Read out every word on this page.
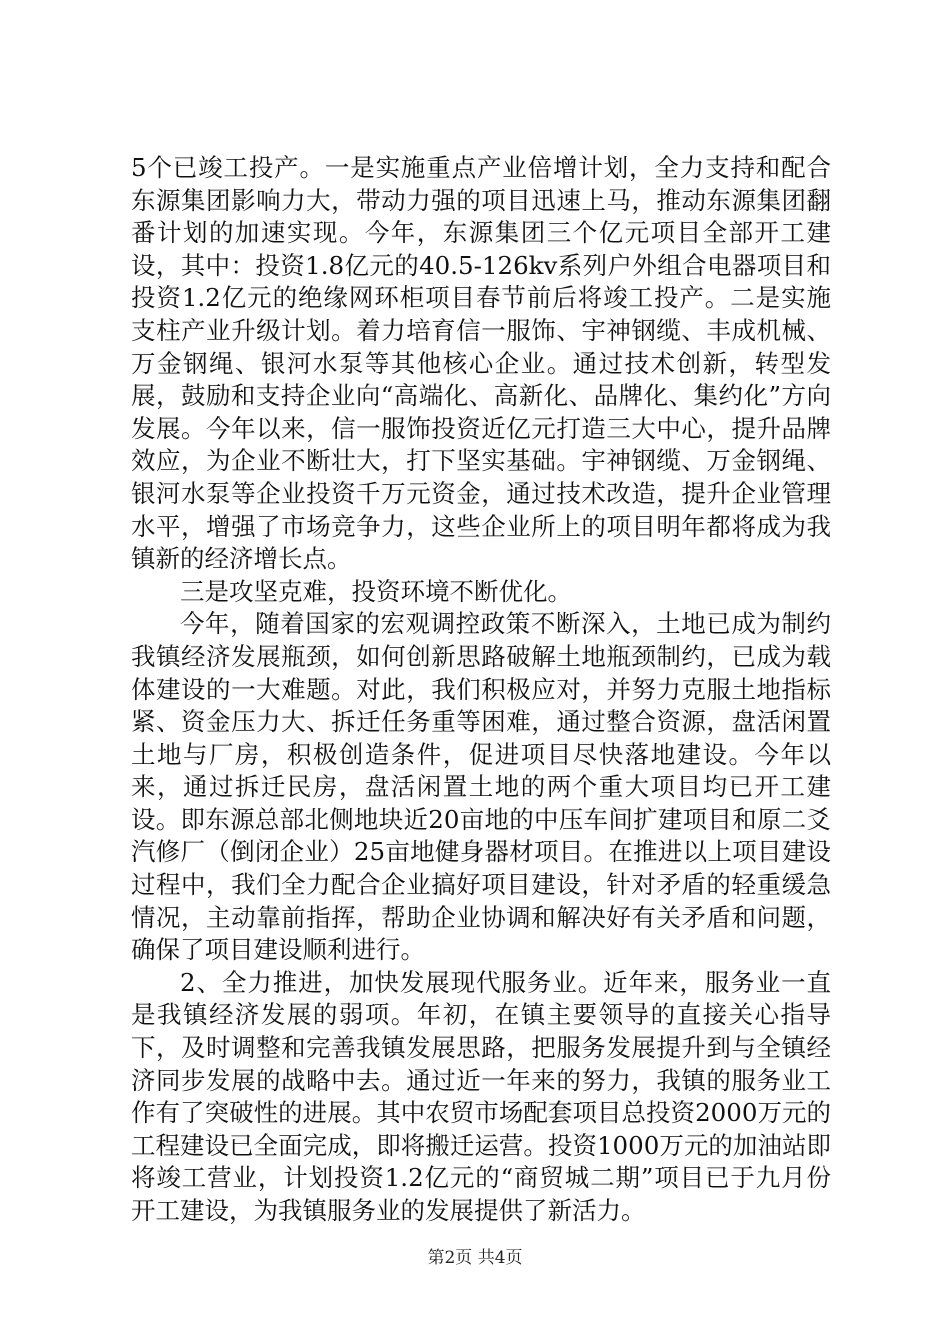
5个已竣工投产。一是实施重点产业倍增计划，全力支持和配合东源集团影响力大，带动力强的项目迅速上马，推动东源集团翻番计划的加速实现。今年，东源集团三个亿元项目全部开工建设，其中：投资1.8亿元的40.5-126kv系列户外组合电器项目和投资1.2亿元的绝缘网环柜项目春节前后将竣工投产。二是实施支柱产业升级计划。着力培育信一服饰、宇神钢缆、丰成机械、万金钢绳、银河水泵等其他核心企业。通过技术创新，转型发展，鼓励和支持企业向“高端化、高新化、品牌化、集约化”方向发展。今年以来，信一服饰投资近亿元打造三大中心，提升品牌效应，为企业不断壮大，打下坚实基础。宇神钢缆、万金钢绳、银河水泵等企业投资千万元资金，通过技术改造，提升企业管理水平，增强了市场竞争力，这些企业所上的项目明年都将成为我镇新的经济增长点。

三是攻坚克难，投资环境不断优化。

今年，随着国家的宏观调控政策不断深入，土地已成为制约我镇经济发展瓶颈，如何创新思路破解土地瓶颈制约，已成为载体建设的一大难题。对此，我们积极应对，并努力克服土地指标紧、资金压力大、拆迁任务重等困难，通过整合资源，盘活闲置土地与厂房，积极创造条件，促进项目尽快落地建设。今年以来，通过拆迁民房，盘活闲置土地的两个重大项目均已开工建设。即东源总部北侧地块近20亩地的中压车间扩建项目和原二爻汽修厂（倒闭企业）25亩地健身器材项目。在推进以上项目建设过程中，我们全力配合企业搞好项目建设，针对矛盾的轻重缓急情况，主动靠前指挥，帮助企业协调和解决好有关矛盾和问题，确保了项目建设顺利进行。

2、全力推进，加快发展现代服务业。近年来，服务业一直是我镇经济发展的弱项。年初，在镇主要领导的直接关心指导下，及时调整和完善我镇发展思路，把服务发展提升到与全镇经济同步发展的战略中去。通过近一年来的努力，我镇的服务业工作有了突破性的进展。其中农贸市场配套项目总投资2000万元的工程建设已全面完成，即将搬迁运营。投资1000万元的加油站即将竣工营业，计划投资1.2亿元的“商贸城二期”项目已于九月份开工建设，为我镇服务业的发展提供了新活力。

第2页 共4页
